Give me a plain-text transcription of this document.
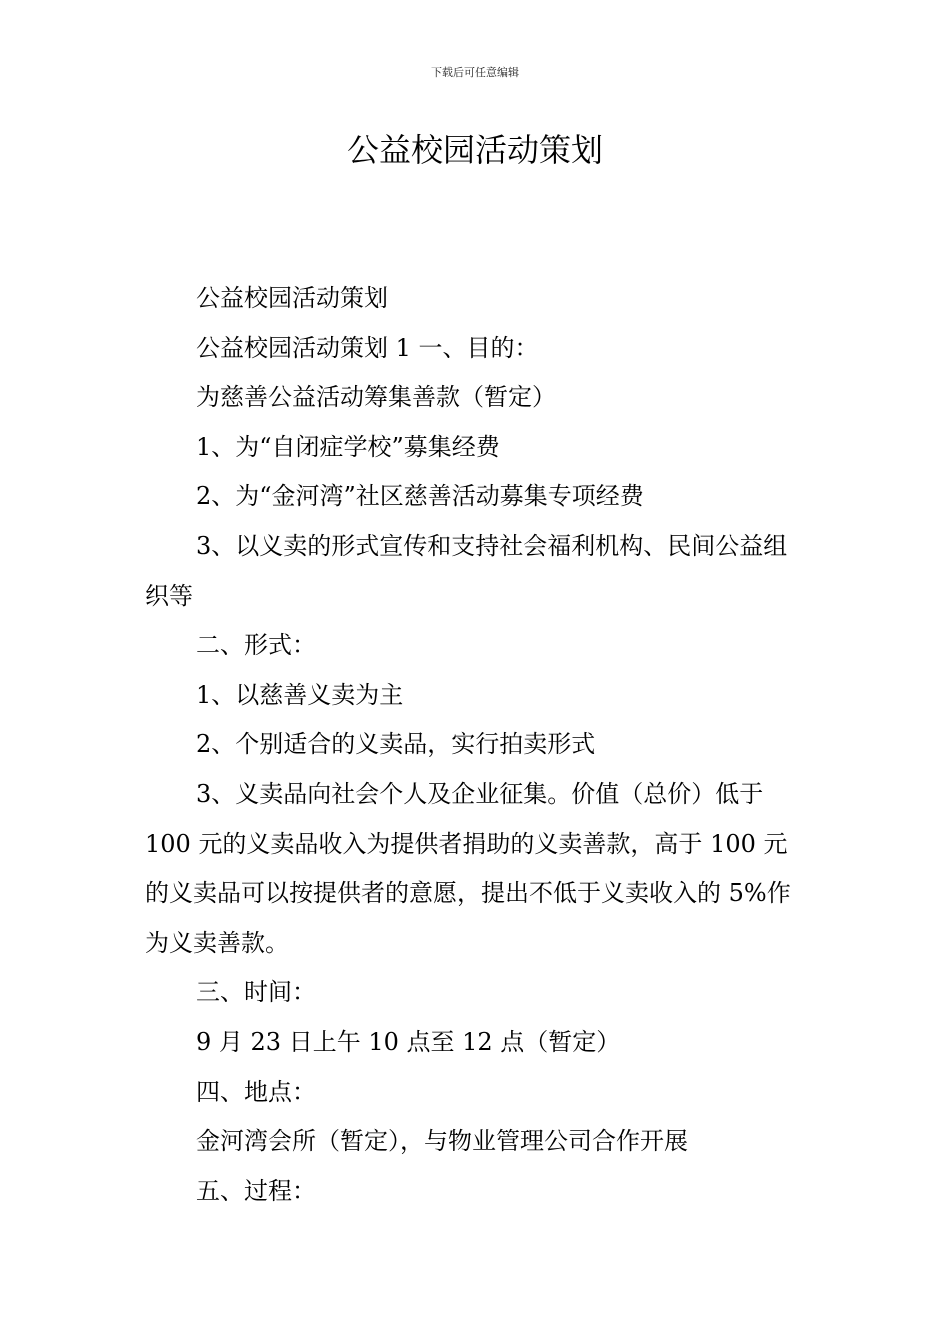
下载后可任意编辑
公益校园活动策划

公益校园活动策划

公益校园活动策划 1 一、目的：

为慈善公益活动筹集善款（暂定）

1、为“自闭症学校”募集经费

2、为“金河湾”社区慈善活动募集专项经费

3、以义卖的形式宣传和支持社会福利机构、民间公益组织等

二、形式：

1、以慈善义卖为主

2、个别适合的义卖品，实行拍卖形式

3、义卖品向社会个人及企业征集。价值（总价）低于 100 元的义卖品收入为提供者捐助的义卖善款，高于 100 元的义卖品可以按提供者的意愿，提出不低于义卖收入的 5%作为义卖善款。

三、时间：

9 月 23 日上午 10 点至 12 点（暂定）

四、地点：

金河湾会所（暂定），与物业管理公司合作开展

五、过程：
